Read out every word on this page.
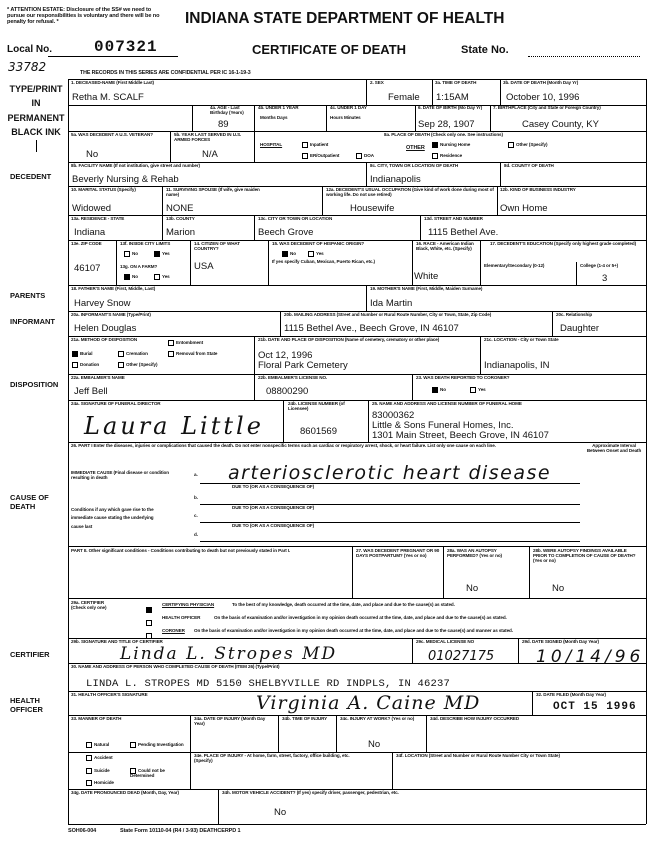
* ATTENTION ESTATE: Disclosure of the SS# we need to pursue our responsibilities is voluntary and there will be no penalty for refusal. *
Local No.	007321
33782
INDIANA STATE DEPARTMENT OF HEALTH
CERTIFICATE OF DEATH	State No.
THE RECORDS IN THIS SERIES ARE CONFIDENTIAL PER IC 16-1-19-3
TYPE/PRINT IN PERMANENT BLACK INK
DECEDENT
PARENTS
INFORMANT
DISPOSITION
CAUSE OF DEATH
CERTIFIER
HEALTH OFFICER
1. DECEASED-NAME (First Middle Last)
Retha M. SCALF
2. SEX
Female
3a. TIME OF DEATH
1:15AM
3b. DATE OF DEATH (Month Day Yr)
October 10, 1996
4a. AGE - Last Birthday (Years)
89
4b. UNDER 1 YEAR
Months Days
4c. UNDER 1 DAY
Hours Minutes
6. DATE OF BIRTH (Mo Day Yr)
Sep 28, 1907
7. BIRTHPLACE (City and State or Foreign Country)
Casey County, KY
5a. WAS DECEDENT A U.S. VETERAN?
No
5b. YEAR LAST SERVED IN U.S. ARMED FORCES
N/A
8a. PLACE OF DEATH (Check only one. See instructions)
HOSPITAL	Inpatient
ER/Outpatient	DOA
OTHER
Nursing Home
Residence
Other (Specify)
8b. FACILITY NAME (If not institution, give street and number)
Beverly Nursing & Rehab
8c. CITY, TOWN OR LOCATION OF DEATH
Indianapolis
8d. COUNTY OF DEATH
10. MARITAL STATUS (Specify)
Widowed
11. SURVIVING SPOUSE (If wife, give maiden name)
NONE
12a. DECEDENT'S USUAL OCCUPATION (Give kind of work done during most of working life. Do not use retired)
Housewife
12b. KIND OF BUSINESS INDUSTRY
Own Home
13a. RESIDENCE - STATE
Indiana
13b. COUNTY
Marion
13c. CITY OR TOWN OR LOCATION
Beech Grove
13d. STREET AND NUMBER
1115 Bethel Ave.
13e. ZIP CODE
46107
13f. INSIDE CITY LIMITS
No	Yes
13g. ON A FARM?
No	Yes
14. CITIZEN OF WHAT COUNTRY?
USA
15. WAS DECEDENT OF HISPANIC ORIGIN?
No	Yes
If yes specify Cuban, Mexican, Puerto Rican, etc.)
16. RACE - American Indian Black, White, etc. (Specify)
White
17. DECEDENT'S EDUCATION (Specify only highest grade completed)
Elementary/Secondary (0-12)	College (1-4 or 5+)
3
18. FATHER'S NAME (First, Middle, Last)
Harvey Snow
19. MOTHER'S NAME (First, Middle, Maiden Surname)
Ida Martin
20a. INFORMANT'S NAME (Type/Print)
Helen Douglas
20b. MAILING ADDRESS (Street and Number or Rural Route Number, City or Town, State, Zip Code)
1115 Bethel Ave., Beech Grove, IN 46107
20c. Relationship
Daughter
21a. METHOD OF DISPOSITION
Burial	Cremation	Removal from State
Entombment
Donation	Other (Specify)
21b. DATE AND PLACE OF DISPOSITION (Name of cemetery, crematory or other place)
Oct 12, 1996
Floral Park Cemetery
21c. LOCATION - City or Town State
Indianapolis, IN
22a. EMBALMER'S NAME
Jeff Bell
22b. EMBALMER'S LICENSE NO.
08800290
23. WAS DEATH REPORTED TO CORONER?
No	Yes
24a. SIGNATURE OF FUNERAL DIRECTOR
Laura Little
24b. LICENSE NUMBER (of Licensee)
8601569
25. NAME AND ADDRESS AND LICENSE NUMBER OF FUNERAL HOME
83000362
Little & Sons Funeral Homes, Inc.
1301 Main Street, Beech Grove, IN 46107
26. PART I Enter the diseases, injuries or complications that caused the death. Do not enter nonspecific terms such as cardiac or respiratory arrest, shock, or heart failure. List only one cause on each line.	Approximate Interval Between Onset and Death
IMMEDIATE CAUSE (Final disease or condition resulting in death
a. arteriosclerotic heart disease
DUE TO (OR AS A CONSEQUENCE OF)
b.
DUE TO (OR AS A CONSEQUENCE OF)
Conditions if any which gave rise to the immediate cause stating the underlying cause last
c.
DUE TO (OR AS A CONSEQUENCE OF)
d.
PART II. Other significant conditions - Conditions contributing to death but not previously stated in Part I.	27. WAS DECEDENT PREGNANT OR 90 DAYS POSTPARTUM? (Yes or no)
28a. WAS AN AUTOPSY PERFORMED? (Yes or no)
No
28b. WERE AUTOPSY FINDINGS AVAILABLE PRIOR TO COMPLETION OF CAUSE OF DEATH? (Yes or no)
No
29a. CERTIFIER (Check only one)
CERTIFYING PHYSICIAN	To the best of my knowledge, death occurred at the time, date, and place and due to the cause(s) as stated.
HEALTH OFFICER	On the basis of examination and/or investigation in my opinion death occurred at the time, date, and place and due to the cause(s) as stated.
CORONER On the basis of examination and/or investigation in my opinion death occurred at the time, date, and place and due to the cause(s) and manner as stated.
29b. SIGNATURE AND TITLE OF CERTIFIER
Linda L. Stropes MD
29c. MEDICAL LICENSE NO
01027175
29d. DATE SIGNED (Month Day Year)
10/14/96
30. NAME AND ADDRESS OF PERSON WHO COMPLETED CAUSE OF DEATH (ITEM 26) (Type/Print)
LINDA L. STROPES MD 5150 SHELBYVILLE RD INDPLS, IN 46237
31. HEALTH OFFICER'S SIGNATURE	Virginia A. Caine MD	32. DATE FILED (Month Day Year)
OCT 15 1996
33. MANNER OF DEATH
Natural	Pending Investigation
Accident
Suicide	Could not be Determined
Homicide
34a. DATE OF INJURY (Month Day Year)
34b. TIME OF INJURY	34c. INJURY AT WORK? (Yes or no)
No
34d. DESCRIBE HOW INJURY OCCURRED
34e. PLACE OF INJURY - At home, farm, street, factory, office building, etc. (Specify)
34f. LOCATION (Street and Number or Rural Route Number City or Town State)
34g. DATE PRONOUNCED DEAD (Month, Day, Year)	34h. MOTOR VEHICLE ACCIDENT? (If yes) specify driver, passenger, pedestrian, etc.
No
SOH06-004	State Form 10110-04 (R4 / 3-93) DEATHCERPD 1
